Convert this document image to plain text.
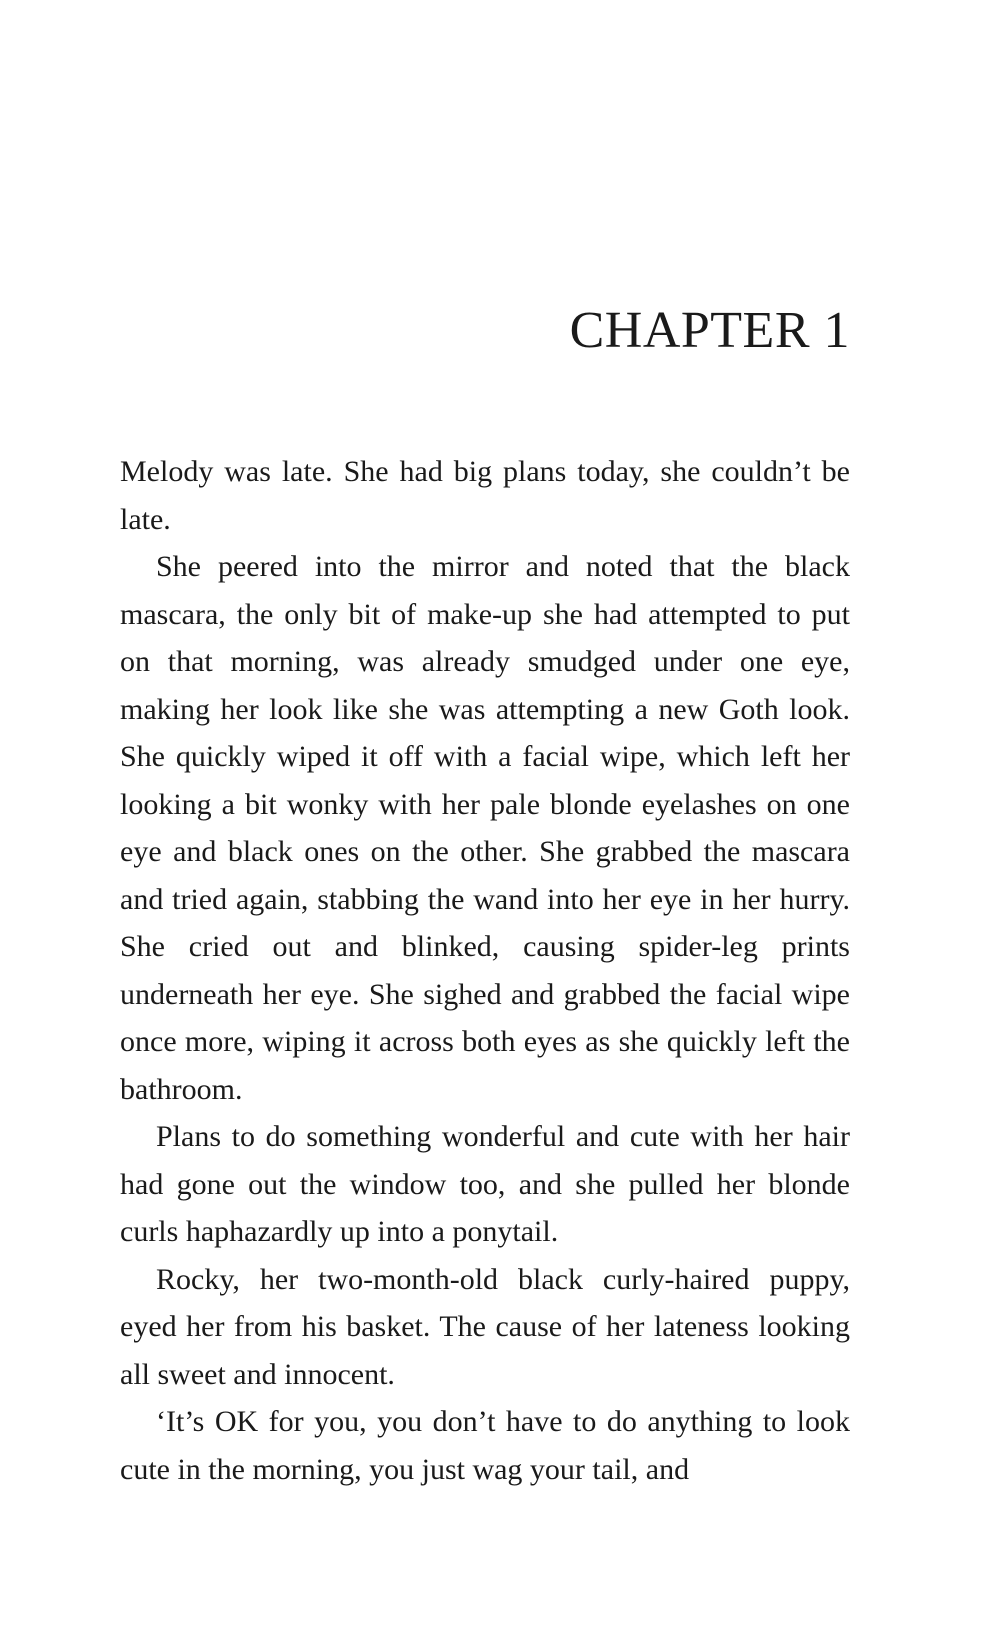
CHAPTER 1

Melody was late. She had big plans today, she couldn’t be late.

She peered into the mirror and noted that the black mascara, the only bit of make-up she had attempted to put on that morning, was already smudged under one eye, making her look like she was attempting a new Goth look. She quickly wiped it off with a facial wipe, which left her looking a bit wonky with her pale blonde eyelashes on one eye and black ones on the other. She grabbed the mascara and tried again, stabbing the wand into her eye in her hurry. She cried out and blinked, causing spider-leg prints underneath her eye. She sighed and grabbed the facial wipe once more, wiping it across both eyes as she quickly left the bathroom.

Plans to do something wonderful and cute with her hair had gone out the window too, and she pulled her blonde curls haphazardly up into a ponytail.

Rocky, her two-month-old black curly-haired puppy, eyed her from his basket. The cause of her lateness looking all sweet and innocent.

‘It’s OK for you, you don’t have to do anything to look cute in the morning, you just wag your tail, and
